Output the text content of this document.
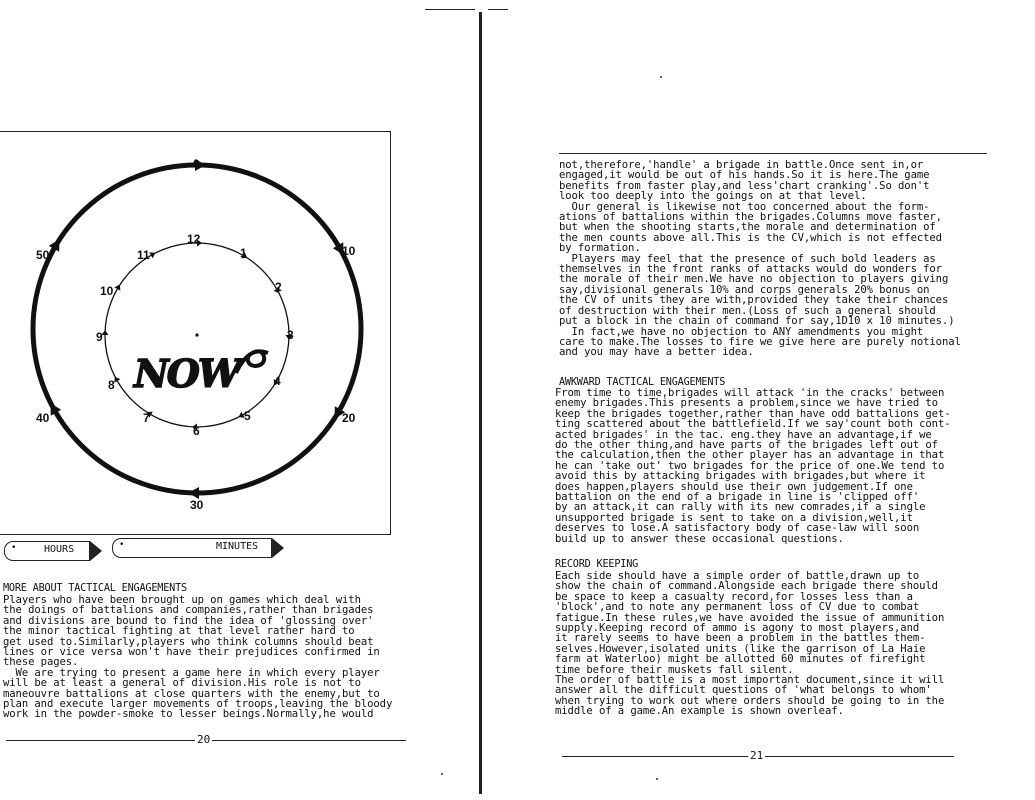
0
10
20
30
40
50
12
1
2
3
4
5
6
7
8
9
10
11
NOW
•	HOURS	•	MINUTES
MORE ABOUT TACTICAL ENGAGEMENTS
Players who have been brought up on games which deal with
the doings of battalions and companies,rather than brigades
and divisions are bound to find the idea of 'glossing over'
the minor tactical fighting at that level rather hard to
get used to.Similarly,players who think columns should beat
lines or vice versa won't have their prejudices confirmed in
these pages.
We are trying to present a game here in which every player
will be at least a general of division.His role is not to
maneouvre battalions at close quarters with the enemy,but to
plan and execute larger movements of troops,leaving the bloody
work in the powder-smoke to lesser beings.Normally,he would
20
not,therefore,'handle' a brigade in battle.Once sent in,or
engaged,it would be out of his hands.So it is here.The game
benefits from faster play,and less'chart cranking'.So don't
look too deeply into the goings on at that level.
Our general is likewise not too concerned about the form-
ations of battalions within the brigades.Columns move faster,
but when the shooting starts,the morale and determination of
the men counts above all.This is the CV,which is not effected
by formation.
Players may feel that the presence of such bold leaders as
themselves in the front ranks of attacks would do wonders for
the morale of their men.We have no objection to players giving
say,divisional generals 10% and corps generals 20% bonus on
the CV of units they are with,provided they take their chances
of destruction with their men.(Loss of such a general should
put a block in the chain of command for say,1D10 x 10 minutes.)
In fact,we have no objection to ANY amendments you might
care to make.The losses to fire we give here are purely notional
and you may have a better idea.
AWKWARD TACTICAL ENGAGEMENTS
From time to time,brigades will attack 'in the cracks' between
enemy brigades.This presents a problem,since we have tried to
keep the brigades together,rather than have odd battalions get-
ting scattered about the battlefield.If we say'count both cont-
acted brigades' in the tac. eng.they have an advantage,if we
do the other thing,and have parts of the brigades left out of
the calculation,then the other player has an advantage in that
he can 'take out' two brigades for the price of one.We tend to
avoid this by attacking brigades with brigades,but where it
does happen,players should use their own judgement.If one
battalion on the end of a brigade in line is 'clipped off'
by an attack,it can rally with its new comrades,if a single
unsupported brigade is sent to take on a division,well,it
deserves to lose.A satisfactory body of case-law will soon
build up to answer these occasional questions.
RECORD KEEPING
Each side should have a simple order of battle,drawn up to
show the chain of command.Alongside each brigade there should
be space to keep a casualty record,for losses less than a
'block',and to note any permanent loss of CV due to combat
fatigue.In these rules,we have avoided the issue of ammunition
supply.Keeping record of ammo is agony to most players,and
it rarely seems to have been a problem in the battles them-
selves.However,isolated units (like the garrison of La Haie
farm at Waterloo) might be allotted 60 minutes of firefight
time before their muskets fall silent.
The order of battle is a most important document,since it will
answer all the difficult questions of 'what belongs to whom'
when trying to work out where orders should be going to in the
middle of a game.An example is shown overleaf.
21
